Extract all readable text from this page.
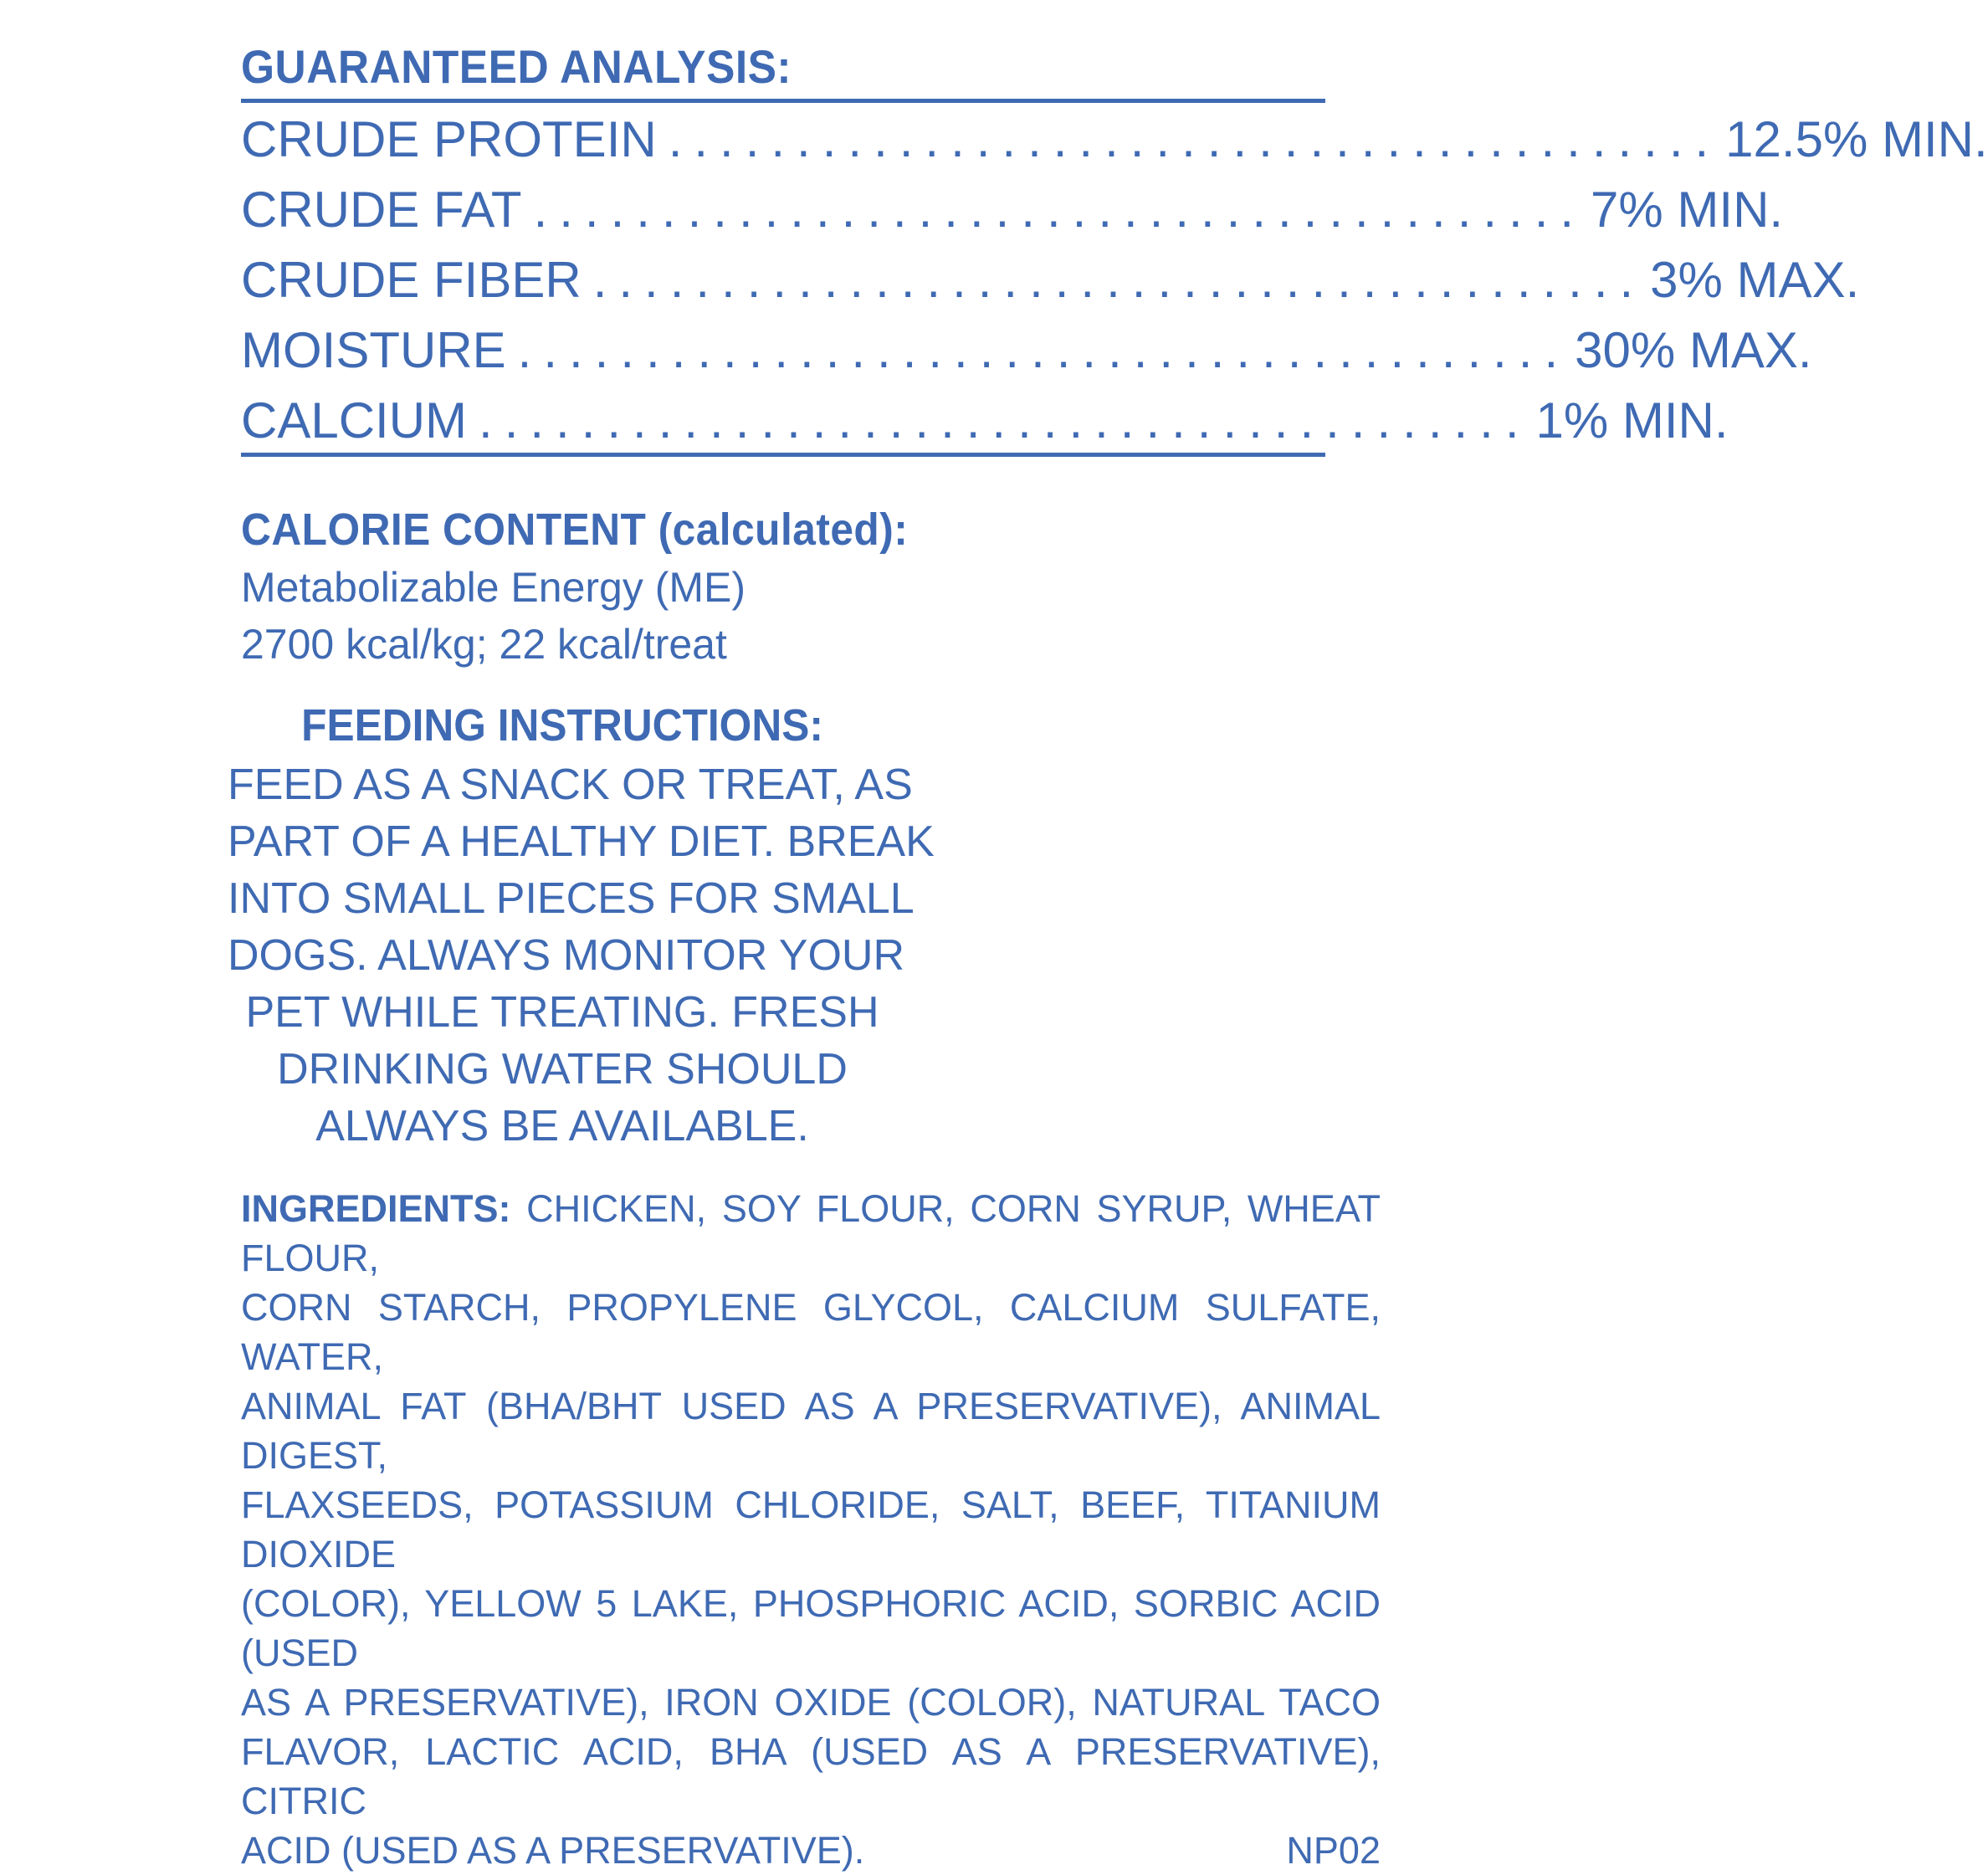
GUARANTEED ANALYSIS:
CRUDE PROTEIN ......................................... 12.5% MIN.
CRUDE FAT ......................................... 7% MIN.
CRUDE FIBER ......................................... 3% MAX.
MOISTURE ......................................... 30% MAX.
CALCIUM ......................................... 1% MIN.
CALORIE CONTENT (calculated):
Metabolizable Energy (ME)
2700 kcal/kg; 22 kcal/treat
FEEDING INSTRUCTIONS:
FEED AS A SNACK OR TREAT, AS
PART OF A HEALTHY DIET. BREAK
INTO SMALL PIECES FOR SMALL
DOGS. ALWAYS MONITOR YOUR
PET WHILE TREATING. FRESH
DRINKING WATER SHOULD
ALWAYS BE AVAILABLE.
INGREDIENTS: CHICKEN, SOY FLOUR, CORN SYRUP, WHEAT FLOUR,
CORN STARCH, PROPYLENE GLYCOL, CALCIUM SULFATE, WATER,
ANIMAL FAT (BHA/BHT USED AS A PRESERVATIVE), ANIMAL DIGEST,
FLAXSEEDS, POTASSIUM CHLORIDE, SALT, BEEF, TITANIUM DIOXIDE
(COLOR), YELLOW 5 LAKE, PHOSPHORIC ACID, SORBIC ACID (USED
AS A PRESERVATIVE), IRON OXIDE (COLOR), NATURAL TACO
FLAVOR, LACTIC ACID, BHA (USED AS A PRESERVATIVE), CITRIC
ACID (USED AS A PRESERVATIVE).	NP02
